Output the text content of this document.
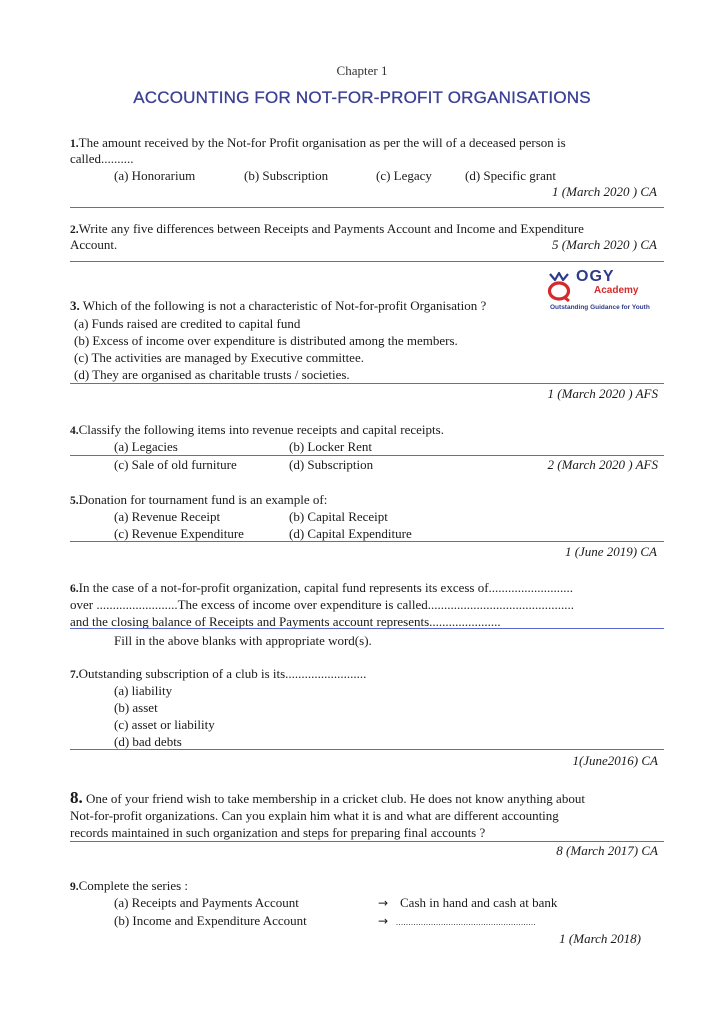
Chapter 1
ACCOUNTING FOR NOT-FOR-PROFIT ORGANISATIONS
1.The amount received by the Not-for Profit organisation as per the will of a deceased person is
called..........
(a) Honorarium	(b) Subscription	(c) Legacy	(d) Specific grant
1 (March 2020 ) CA
2.Write any five differences between Receipts and Payments Account and Income and Expenditure
Account.	5 (March 2020 ) CA
OGY
Academy
Outstanding Guidance for Youth
3. Which of the following is not a characteristic of Not-for-profit Organisation ?
(a) Funds raised are credited to capital fund
(b) Excess of income over expenditure is distributed among the members.
(c) The activities are managed by Executive committee.
(d) They are organised as charitable trusts / societies.
1 (March 2020 ) AFS
4.Classify the following items into revenue receipts and capital receipts.
(a) Legacies	(b) Locker Rent
(c) Sale of old furniture	(d) Subscription	2 (March 2020 ) AFS
5.Donation for tournament fund is an example of:
(a) Revenue Receipt	(b) Capital Receipt
(c) Revenue Expenditure	(d) Capital Expenditure
1 (June 2019) CA
6.In the case of a not-for-profit organization, capital fund represents its excess of..........................
over .........................The excess of income over expenditure is called.............................................
and the closing balance of Receipts and Payments account represents......................
Fill in the above blanks with appropriate word(s).
7.Outstanding subscription of a club is its.........................
(a) liability
(b) asset
(c) asset or liability
(d) bad debts
1(June2016) CA
8. One of your friend wish to take membership in a cricket club. He does not know anything about
Not-for-profit organizations. Can you explain him what it is and what are different accounting
records maintained in such organization and steps for preparing final accounts ?
8 (March 2017) CA
9.Complete the series :
(a) Receipts and Payments Account	→ Cash in hand and cash at bank
(b) Income and Expenditure Account	→ ........................................................
1 (March 2018)
